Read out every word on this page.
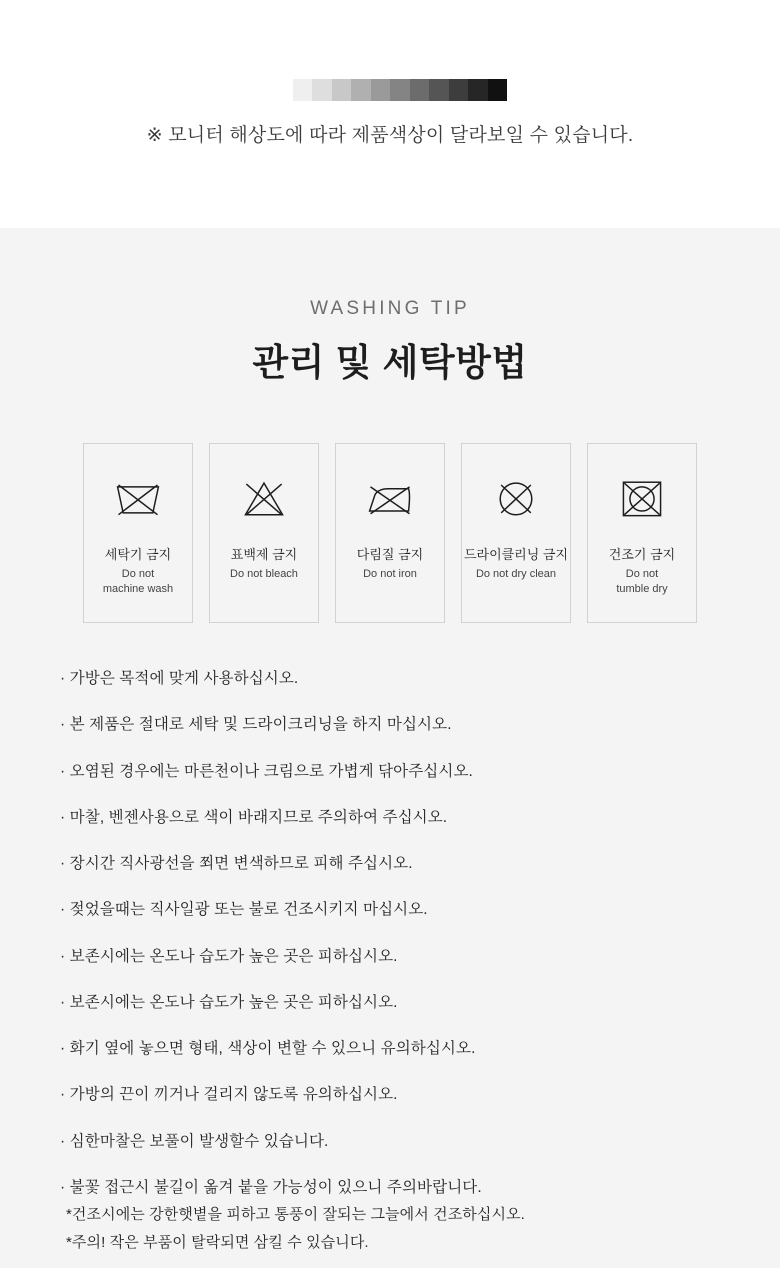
※ 모니터 해상도에 따라 제품색상이 달라보일 수 있습니다.
WASHING TIP
관리 및 세탁방법
세탁기 금지
Do not
machine wash
표백제 금지
Do not bleach
다림질 금지
Do not iron
드라이클리닝 금지
Do not dry clean
건조기 금지
Do not
tumble dry
· 가방은 목적에 맞게 사용하십시오.
· 본 제품은 절대로 세탁 및 드라이크리닝을 하지 마십시오.
· 오염된 경우에는 마른천이나 크림으로 가볍게 닦아주십시오.
· 마찰, 벤젠사용으로 색이 바래지므로 주의하여 주십시오.
· 장시간 직사광선을 쬐면 변색하므로 피해 주십시오.
· 젖었을때는 직사일광 또는 불로 건조시키지 마십시오.
· 보존시에는 온도나 습도가 높은 곳은 피하십시오.
· 보존시에는 온도나 습도가 높은 곳은 피하십시오.
· 화기 옆에 놓으면 형태, 색상이 변할 수 있으니 유의하십시오.
· 가방의 끈이 끼거나 걸리지 않도록 유의하십시오.
· 심한마찰은 보풀이 발생할수 있습니다.
· 불꽃 접근시 불길이 옮겨 붙을 가능성이 있으니 주의바랍니다.
*건조시에는 강한햇볕을 피하고 통풍이 잘되는 그늘에서 건조하십시오.
*주의! 작은 부품이 탈락되면 삼킬 수 있습니다.
